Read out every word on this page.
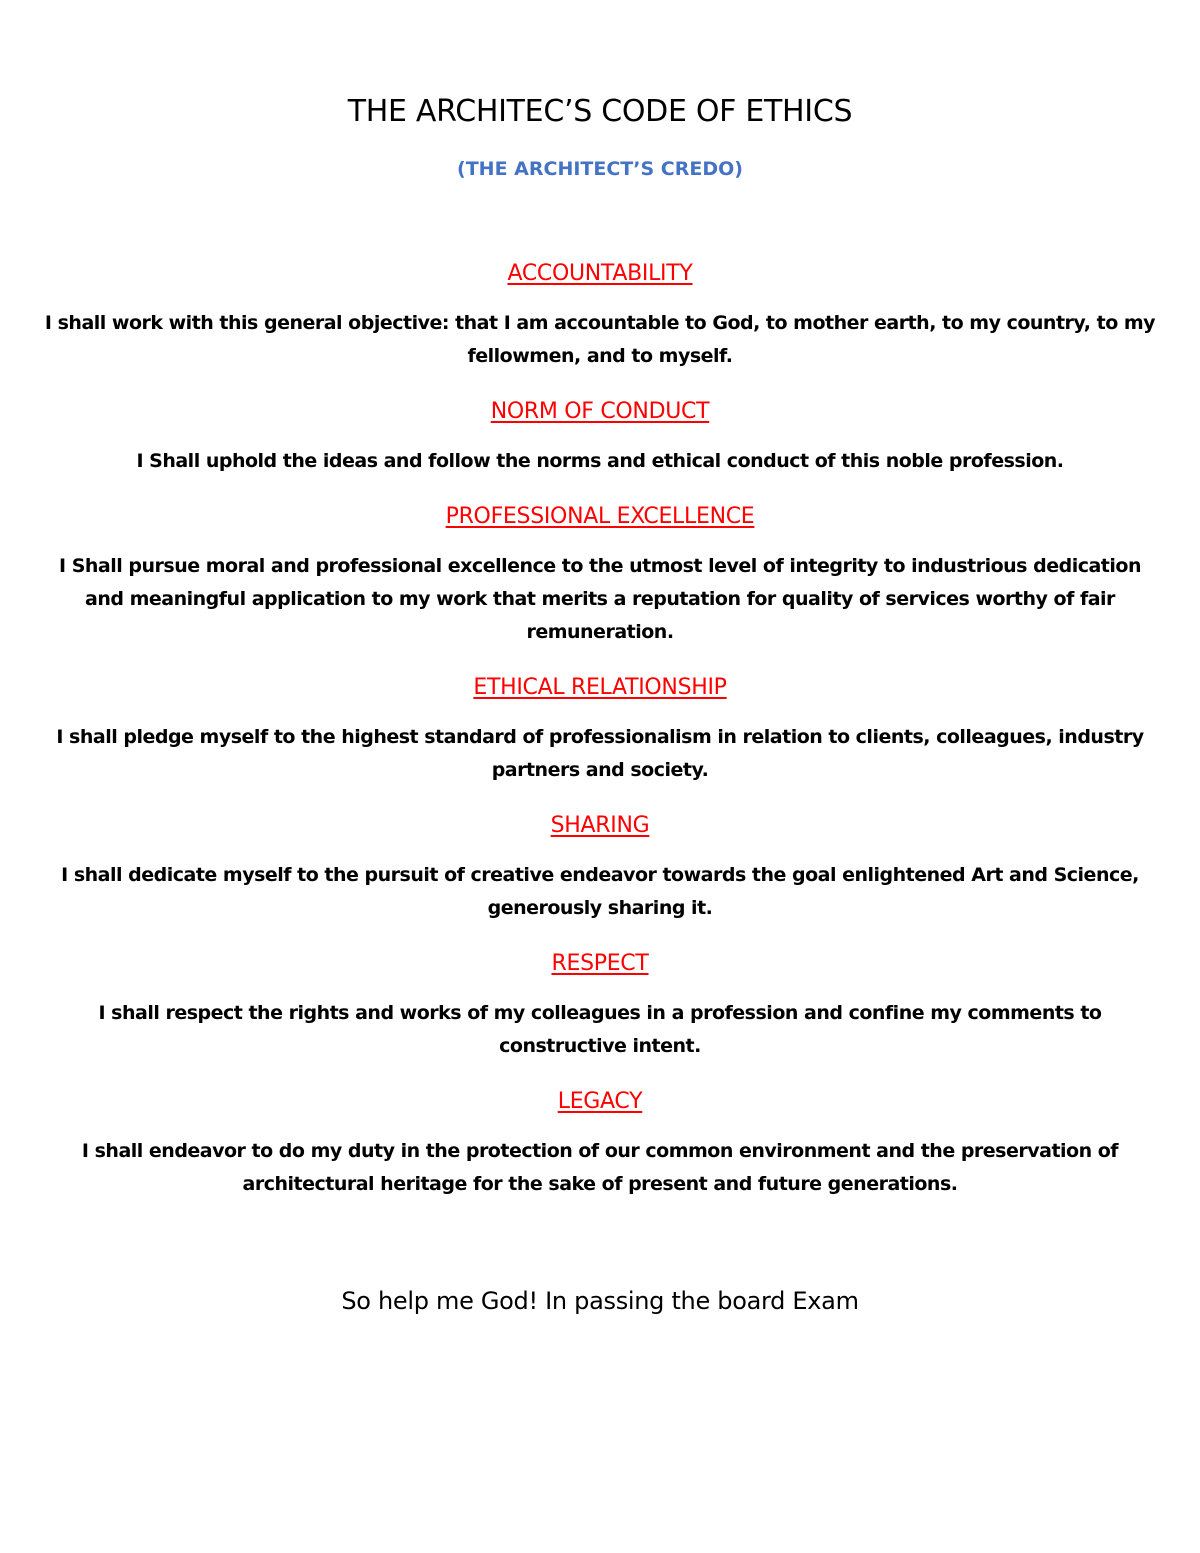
THE ARCHITEC’S CODE OF ETHICS

(THE ARCHITECT’S CREDO)

ACCOUNTABILITY

I shall work with this general objective: that I am accountable to God, to mother earth, to my country, to my fellowmen, and to myself.

NORM OF CONDUCT

I Shall uphold the ideas and follow the norms and ethical conduct of this noble profession.

PROFESSIONAL EXCELLENCE

I Shall pursue moral and professional excellence to the utmost level of integrity to industrious dedication and meaningful application to my work that merits a reputation for quality of services worthy of fair remuneration.

ETHICAL RELATIONSHIP

I shall pledge myself to the highest standard of professionalism in relation to clients, colleagues, industry partners and society.

SHARING

I shall dedicate myself to the pursuit of creative endeavor towards the goal enlightened Art and Science, generously sharing it.

RESPECT

I shall respect the rights and works of my colleagues in a profession and confine my comments to constructive intent.

LEGACY

I shall endeavor to do my duty in the protection of our common environment and the preservation of architectural heritage for the sake of present and future generations.

So help me God! In passing the board Exam
